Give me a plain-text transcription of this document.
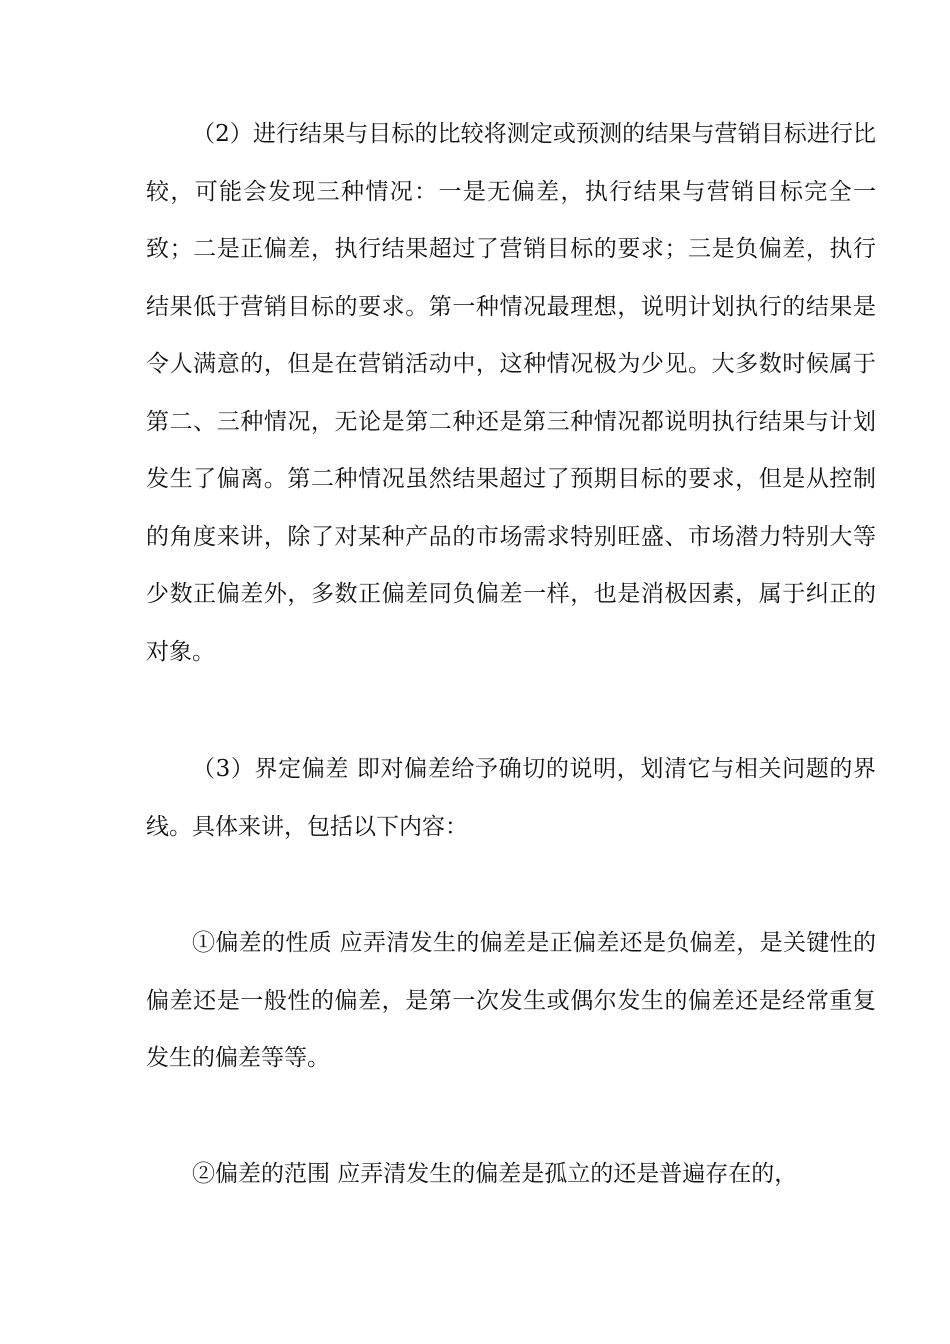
（2）进行结果与目标的比较将测定或预测的结果与营销目标进行比较，可能会发现三种情况：一是无偏差，执行结果与营销目标完全一致；二是正偏差，执行结果超过了营销目标的要求；三是负偏差，执行结果低于营销目标的要求。第一种情况最理想，说明计划执行的结果是令人满意的，但是在营销活动中，这种情况极为少见。大多数时候属于第二、三种情况，无论是第二种还是第三种情况都说明执行结果与计划发生了偏离。第二种情况虽然结果超过了预期目标的要求，但是从控制的角度来讲，除了对某种产品的市场需求特别旺盛、市场潜力特别大等少数正偏差外，多数正偏差同负偏差一样，也是消极因素，属于纠正的对象。

（3）界定偏差 即对偏差给予确切的说明，划清它与相关问题的界线。具体来讲，包括以下内容：

①偏差的性质 应弄清发生的偏差是正偏差还是负偏差，是关键性的偏差还是一般性的偏差，是第一次发生或偶尔发生的偏差还是经常重复发生的偏差等等。

②偏差的范围 应弄清发生的偏差是孤立的还是普遍存在的，
